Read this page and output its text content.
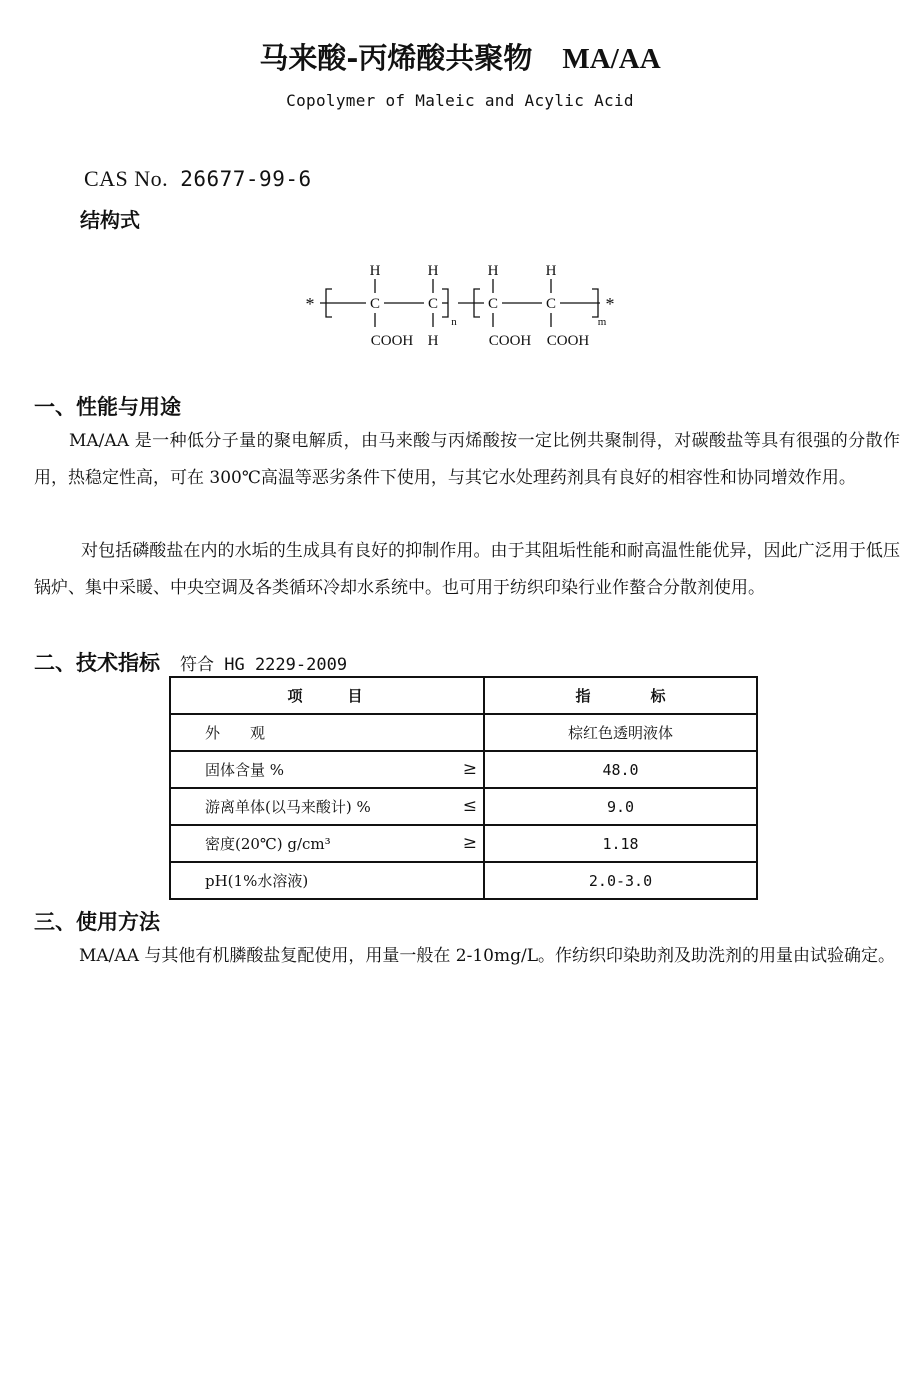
马来酸-丙烯酸共聚物 MA/AA
Copolymer of Maleic and Acylic Acid
CAS No. 26677-99-6
结构式
*	*
H	H	H	H
C	C	C	C
COOH H	COOH COOH
n	m
一、性能与用途
MA/AA 是一种低分子量的聚电解质，由马来酸与丙烯酸按一定比例共聚制得，对碳酸盐等具有很强的分散作用，热稳定性高，可在 300℃高温等恶劣条件下使用，与其它水处理药剂具有良好的相容性和协同增效作用。
对包括磷酸盐在内的水垢的生成具有良好的抑制作用。由于其阻垢性能和耐高温性能优异，因此广泛用于低压锅炉、集中采暖、中央空调及各类循环冷却水系统中。也可用于纺织印染行业作螯合分散剂使用。
二、技术指标 符合 HG 2229-2009
项　　　目	指　　　　标
外　　观	棕红色透明液体
固体含量 % ≥	48.0
游离单体(以马来酸计) % ≤	9.0
密度(20℃) g/cm³ ≥	1.18
pH(1%水溶液)	2.0-3.0
三、使用方法
MA/AA 与其他有机膦酸盐复配使用，用量一般在 2-10mg/L。作纺织印染助剂及助洗剂的用量由试验确定。
